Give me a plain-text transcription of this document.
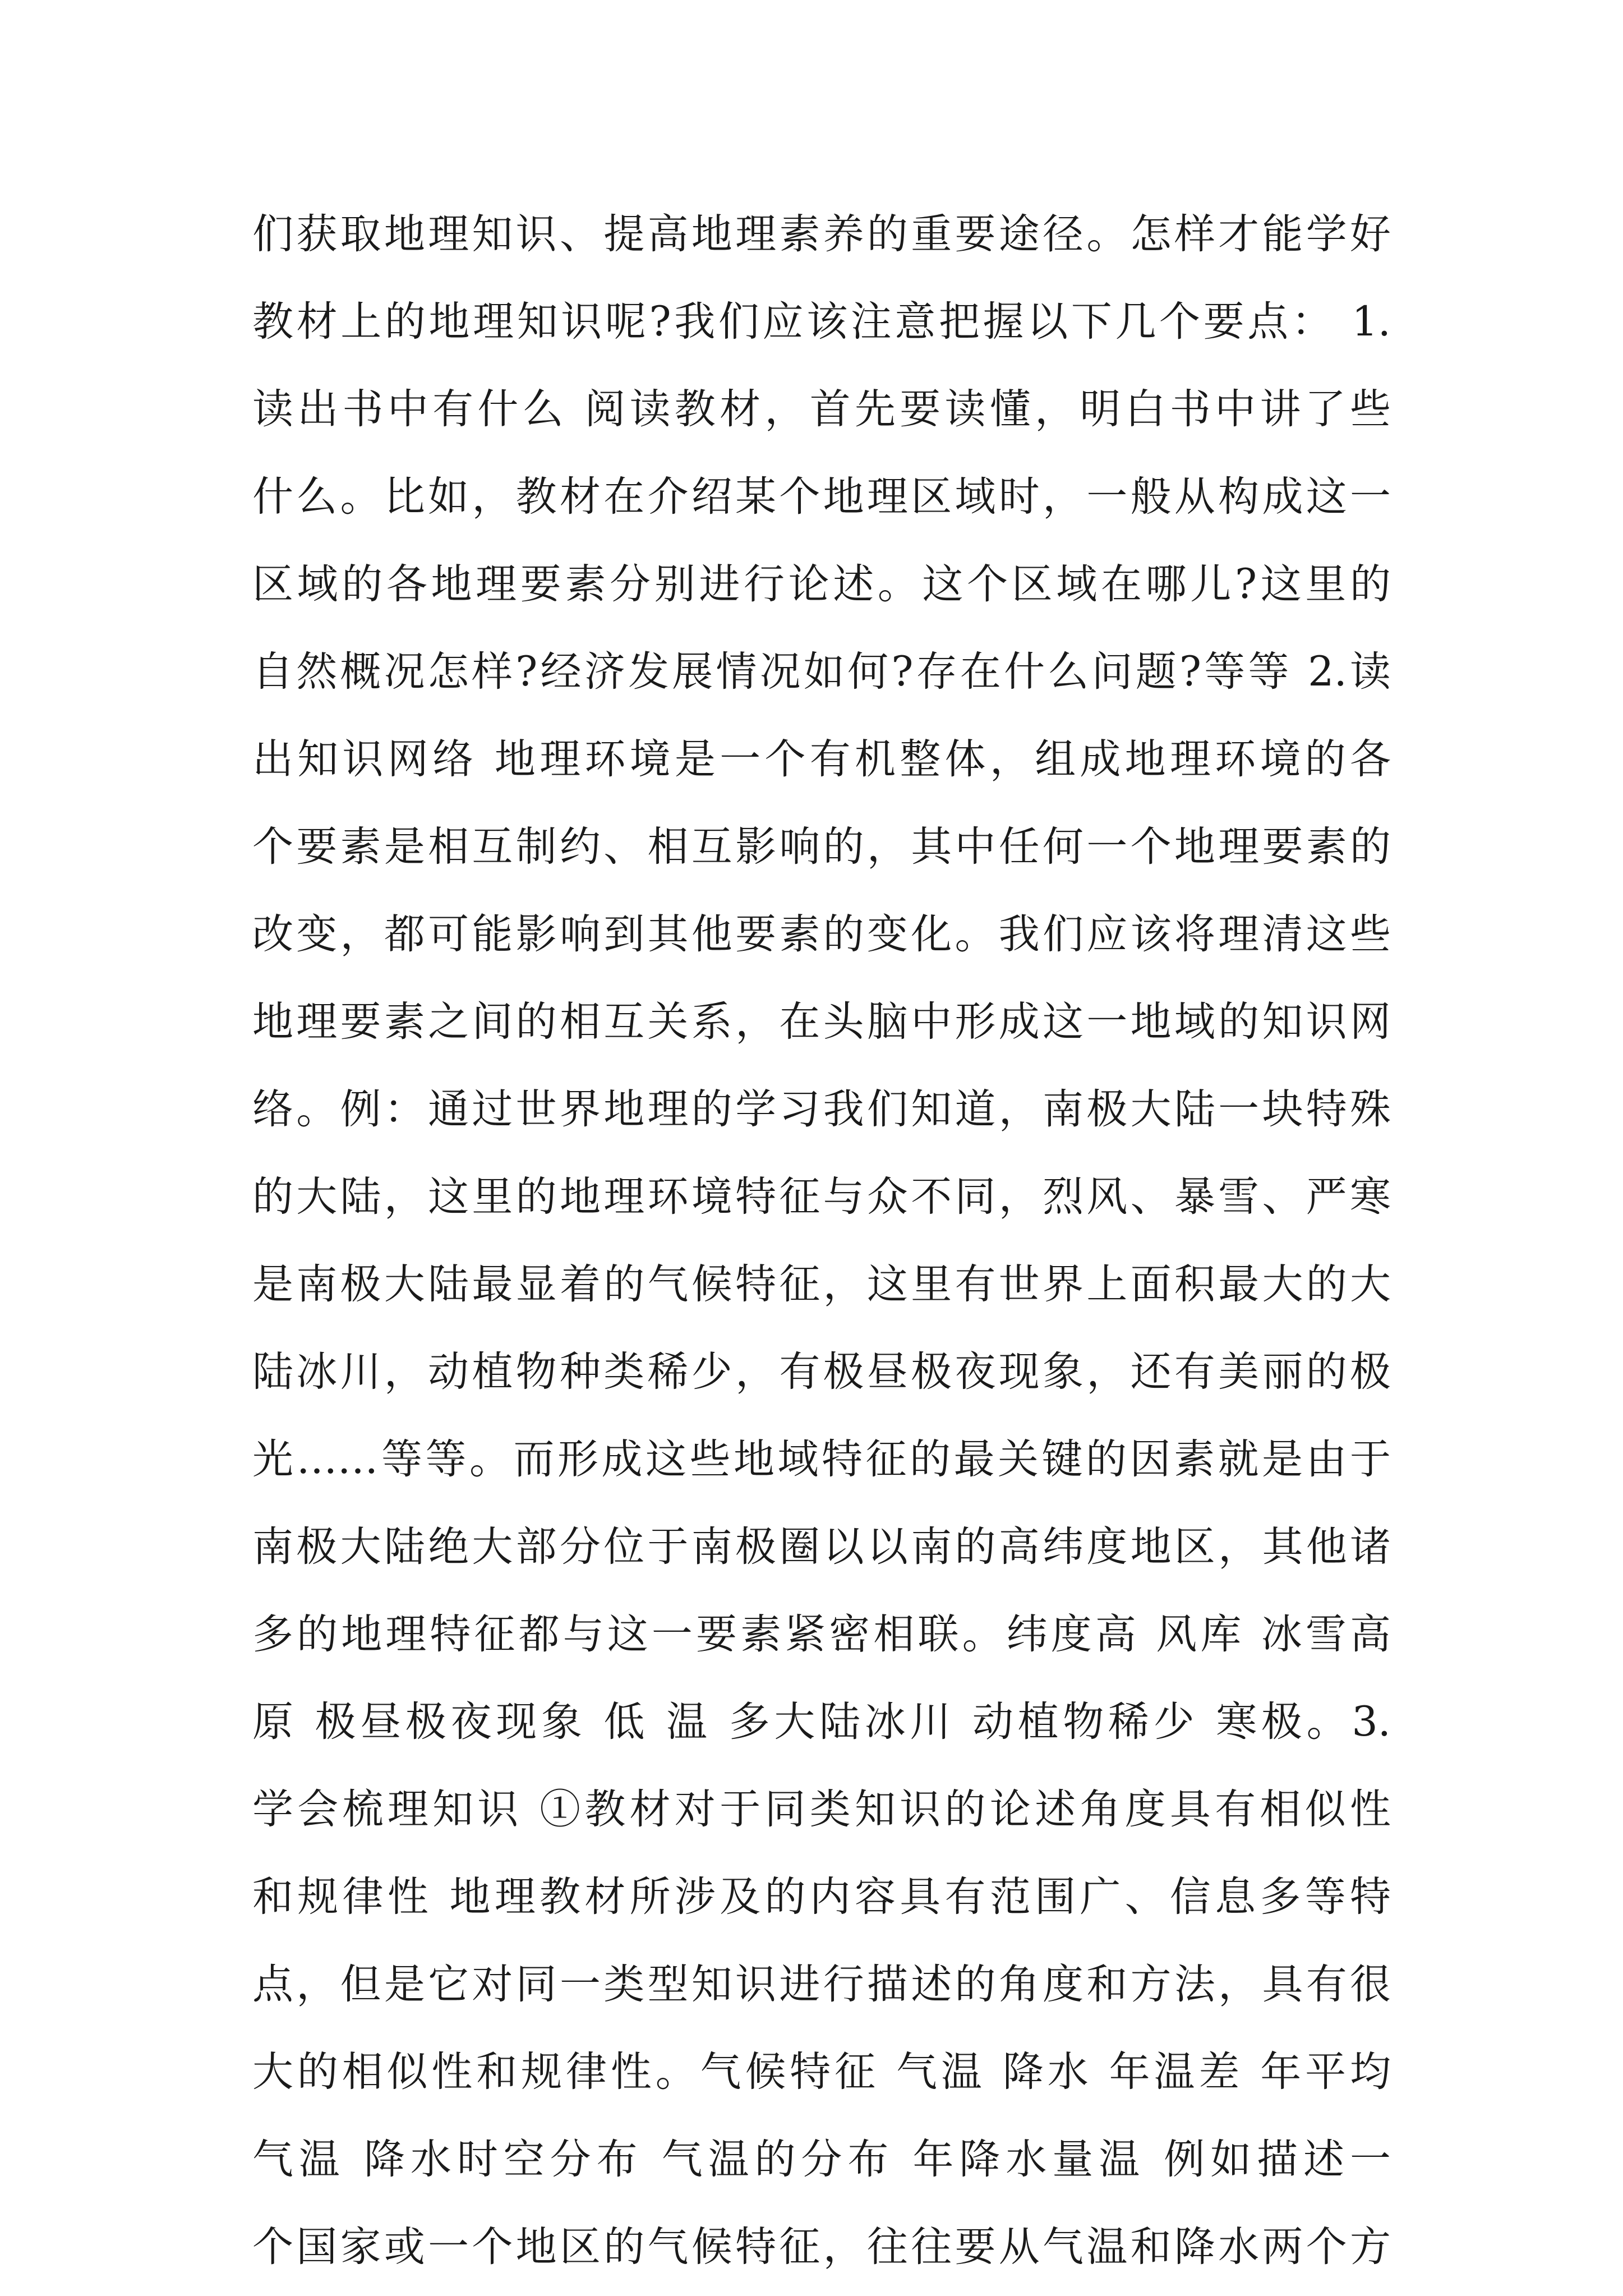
们获取地理知识、提高地理素养的重要途径。怎样才能学好
教材上的地理知识呢?我们应该注意把握以下几个要点： 1.
读出书中有什么 阅读教材，首先要读懂，明白书中讲了些
什么。比如，教材在介绍某个地理区域时，一般从构成这一
区域的各地理要素分别进行论述。这个区域在哪儿?这里的
自然概况怎样?经济发展情况如何?存在什么问题?等等 2.读
出知识网络 地理环境是一个有机整体，组成地理环境的各
个要素是相互制约、相互影响的，其中任何一个地理要素的
改变，都可能影响到其他要素的变化。我们应该将理清这些
地理要素之间的相互关系，在头脑中形成这一地域的知识网
络。例：通过世界地理的学习我们知道，南极大陆一块特殊
的大陆，这里的地理环境特征与众不同，烈风、暴雪、严寒
是南极大陆最显着的气候特征，这里有世界上面积最大的大
陆冰川，动植物种类稀少，有极昼极夜现象，还有美丽的极
光……等等。而形成这些地域特征的最关键的因素就是由于
南极大陆绝大部分位于南极圈以以南的高纬度地区，其他诸
多的地理特征都与这一要素紧密相联。纬度高 风库 冰雪高
原 极昼极夜现象 低 温 多大陆冰川 动植物稀少 寒极。3.
学会梳理知识 ①教材对于同类知识的论述角度具有相似性
和规律性 地理教材所涉及的内容具有范围广、信息多等特
点，但是它对同一类型知识进行描述的角度和方法，具有很
大的相似性和规律性。气候特征 气温 降水 年温差 年平均
气温 降水时空分布 气温的分布 年降水量温 例如描述一
个国家或一个地区的气候特征，往往要从气温和降水两个方
